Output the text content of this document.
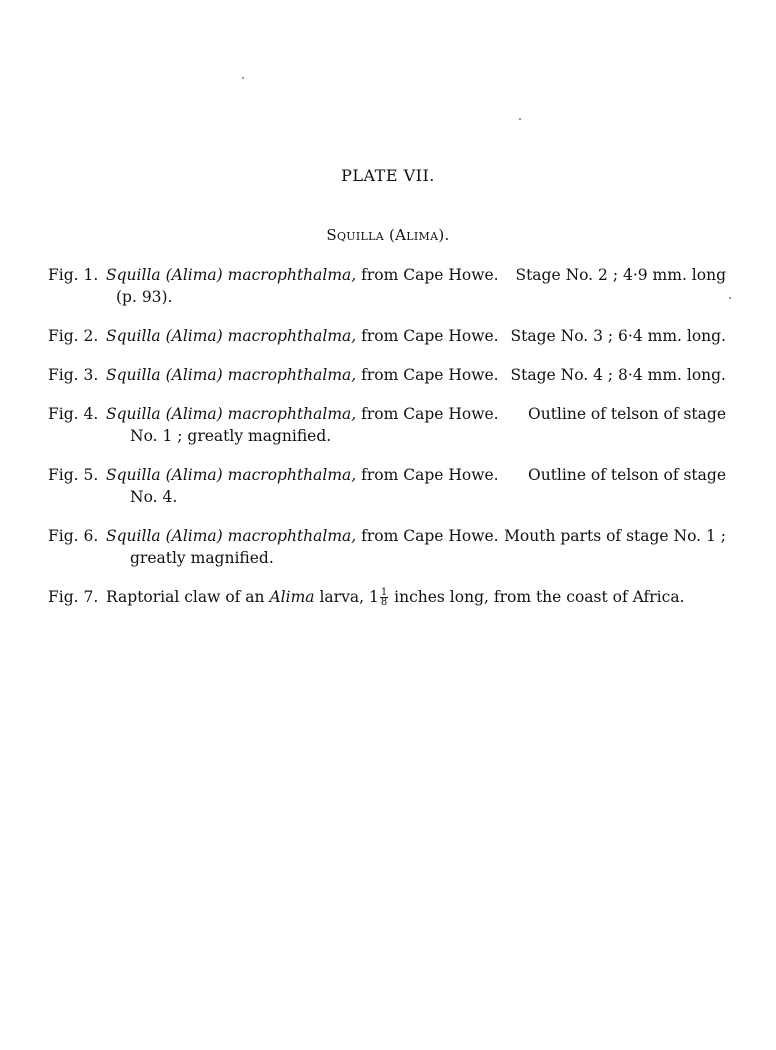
PLATE VII.
Squilla (Alima).
Fig. 1. Squilla (Alima) macrophthalma, from Cape Howe. Stage No. 2 ; 4·9 mm. long
(p. 93).
Fig. 2. Squilla (Alima) macrophthalma, from Cape Howe. Stage No. 3 ; 6·4 mm. long.
Fig. 3. Squilla (Alima) macrophthalma, from Cape Howe. Stage No. 4 ; 8·4 mm. long.
Fig. 4. Squilla (Alima) macrophthalma, from Cape Howe. Outline of telson of stage
No. 1 ; greatly magnified.
Fig. 5. Squilla (Alima) macrophthalma, from Cape Howe. Outline of telson of stage
No. 4.
Fig. 6. Squilla (Alima) macrophthalma, from Cape Howe. Mouth parts of stage No. 1 ;
greatly magnified.
Fig. 7. Raptorial claw of an Alima larva, $1 \frac{1}{8}$ inches long, from the coast of Africa.
